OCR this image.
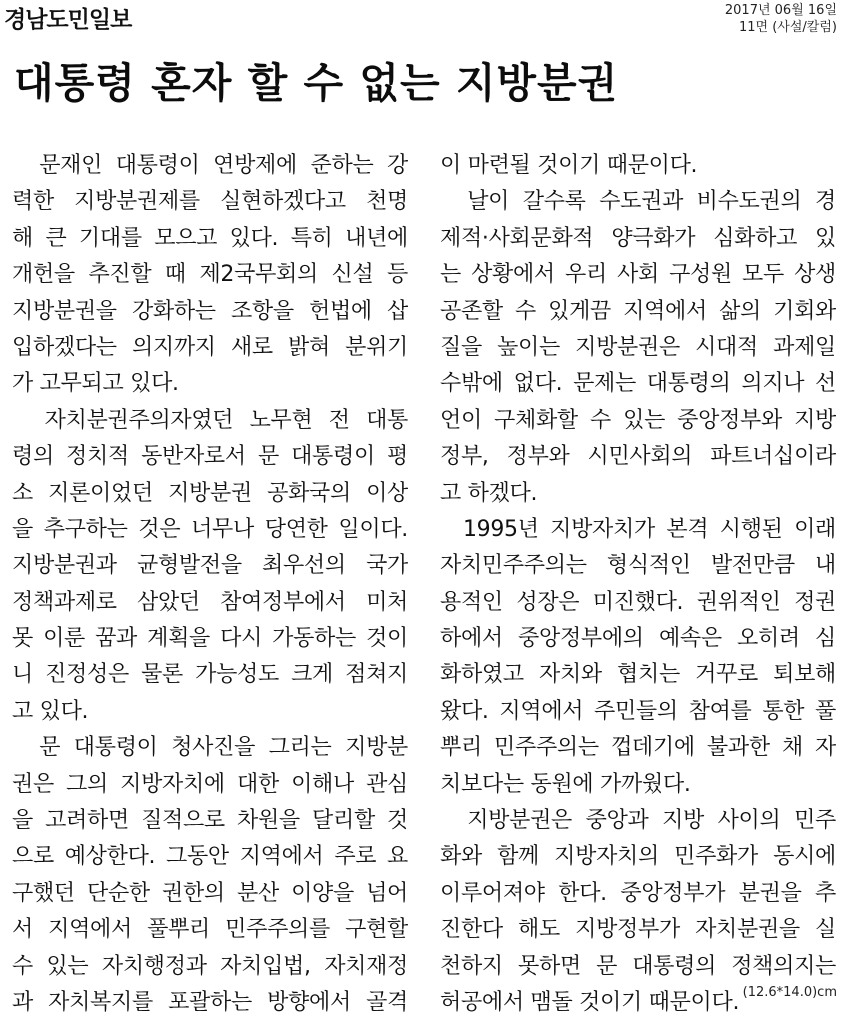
경남도민일보	2017년 06월 16일
11면 (사설/칼럼)
대통령 혼자 할 수 없는 지방분권
문재인 대통령이 연방제에 준하는 강
력한 지방분권제를 실현하겠다고 천명
해 큰 기대를 모으고 있다. 특히 내년에
개헌을 추진할 때 제2국무회의 신설 등
지방분권을 강화하는 조항을 헌법에 삽
입하겠다는 의지까지 새로 밝혀 분위기
가 고무되고 있다.
자치분권주의자였던 노무현 전 대통
령의 정치적 동반자로서 문 대통령이 평
소 지론이었던 지방분권 공화국의 이상
을 추구하는 것은 너무나 당연한 일이다.
지방분권과 균형발전을 최우선의 국가
정책과제로 삼았던 참여정부에서 미처
못 이룬 꿈과 계획을 다시 가동하는 것이
니 진정성은 물론 가능성도 크게 점쳐지
고 있다.
문 대통령이 청사진을 그리는 지방분
권은 그의 지방자치에 대한 이해나 관심
을 고려하면 질적으로 차원을 달리할 것
으로 예상한다. 그동안 지역에서 주로 요
구했던 단순한 권한의 분산 이양을 넘어
서 지역에서 풀뿌리 민주주의를 구현할
수 있는 자치행정과 자치입법, 자치재정
과 자치복지를 포괄하는 방향에서 골격
이 마련될 것이기 때문이다.
날이 갈수록 수도권과 비수도권의 경
제적·사회문화적 양극화가 심화하고 있
는 상황에서 우리 사회 구성원 모두 상생
공존할 수 있게끔 지역에서 삶의 기회와
질을 높이는 지방분권은 시대적 과제일
수밖에 없다. 문제는 대통령의 의지나 선
언이 구체화할 수 있는 중앙정부와 지방
정부, 정부와 시민사회의 파트너십이라
고 하겠다.
1995년 지방자치가 본격 시행된 이래
자치민주주의는 형식적인 발전만큼 내
용적인 성장은 미진했다. 권위적인 정권
하에서 중앙정부에의 예속은 오히려 심
화하였고 자치와 협치는 거꾸로 퇴보해
왔다. 지역에서 주민들의 참여를 통한 풀
뿌리 민주주의는 껍데기에 불과한 채 자
치보다는 동원에 가까웠다.
지방분권은 중앙과 지방 사이의 민주
화와 함께 지방자치의 민주화가 동시에
이루어져야 한다. 중앙정부가 분권을 추
진한다 해도 지방정부가 자치분권을 실
천하지 못하면 문 대통령의 정책의지는
허공에서 맴돌 것이기 때문이다. (12.6*14.0)cm
